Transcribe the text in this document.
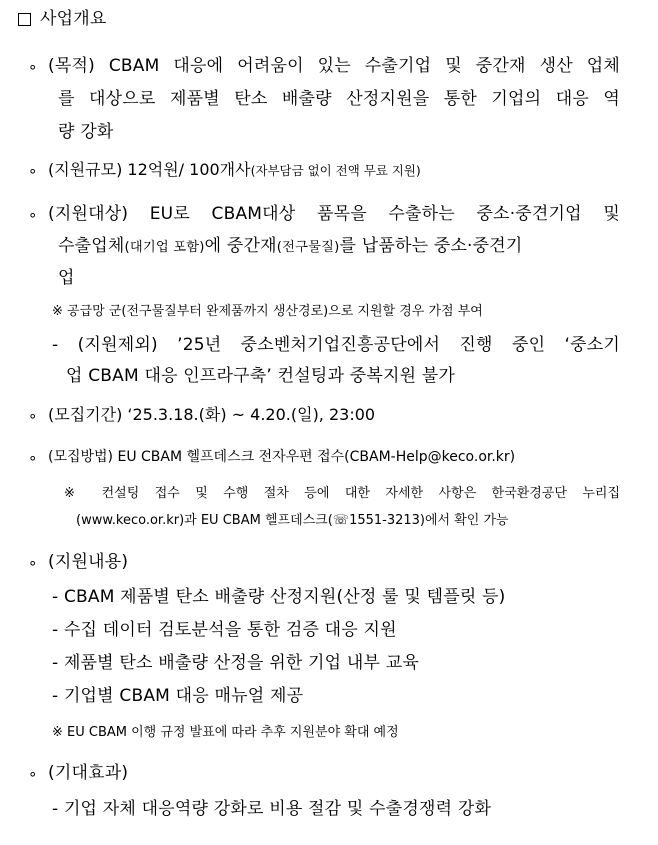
사업개요
∘ (목적) CBAM 대응에 어려움이 있는 수출기업 및 중간재 생산 업체
를 대상으로 제품별 탄소 배출량 산정지원을 통한 기업의 대응 역
량 강화
∘ (지원규모) 12억원/ 100개사(자부담금 없이 전액 무료 지원)
∘ (지원대상) EU로 CBAM대상 품목을 수출하는 중소·중견기업 및
수출업체(대기업 포함)에 중간재(전구물질)를 납품하는 중소·중견기
업
※ 공급망 군(전구물질부터 완제품까지 생산경로)으로 지원할 경우 가점 부여
- (지원제외) ’25년 중소벤처기업진흥공단에서 진행 중인 ‘중소기
업 CBAM 대응 인프라구축’ 컨설팅과 중복지원 불가
∘ (모집기간) ‘25.3.18.(화) ~ 4.20.(일), 23:00
∘ (모집방법) EU CBAM 헬프데스크 전자우편 접수(CBAM-Help@keco.or.kr)
※ 컨설팅 접수 및 수행 절차 등에 대한 자세한 사항은 한국환경공단 누리집
(www.keco.or.kr)과 EU CBAM 헬프데스크(☏1551-3213)에서 확인 가능
∘ (지원내용)
- CBAM 제품별 탄소 배출량 산정지원(산정 룰 및 템플릿 등)
- 수집 데이터 검토분석을 통한 검증 대응 지원
- 제품별 탄소 배출량 산정을 위한 기업 내부 교육
- 기업별 CBAM 대응 매뉴얼 제공
※ EU CBAM 이행 규정 발표에 따라 추후 지원분야 확대 예정
∘ (기대효과)
- 기업 자체 대응역량 강화로 비용 절감 및 수출경쟁력 강화
